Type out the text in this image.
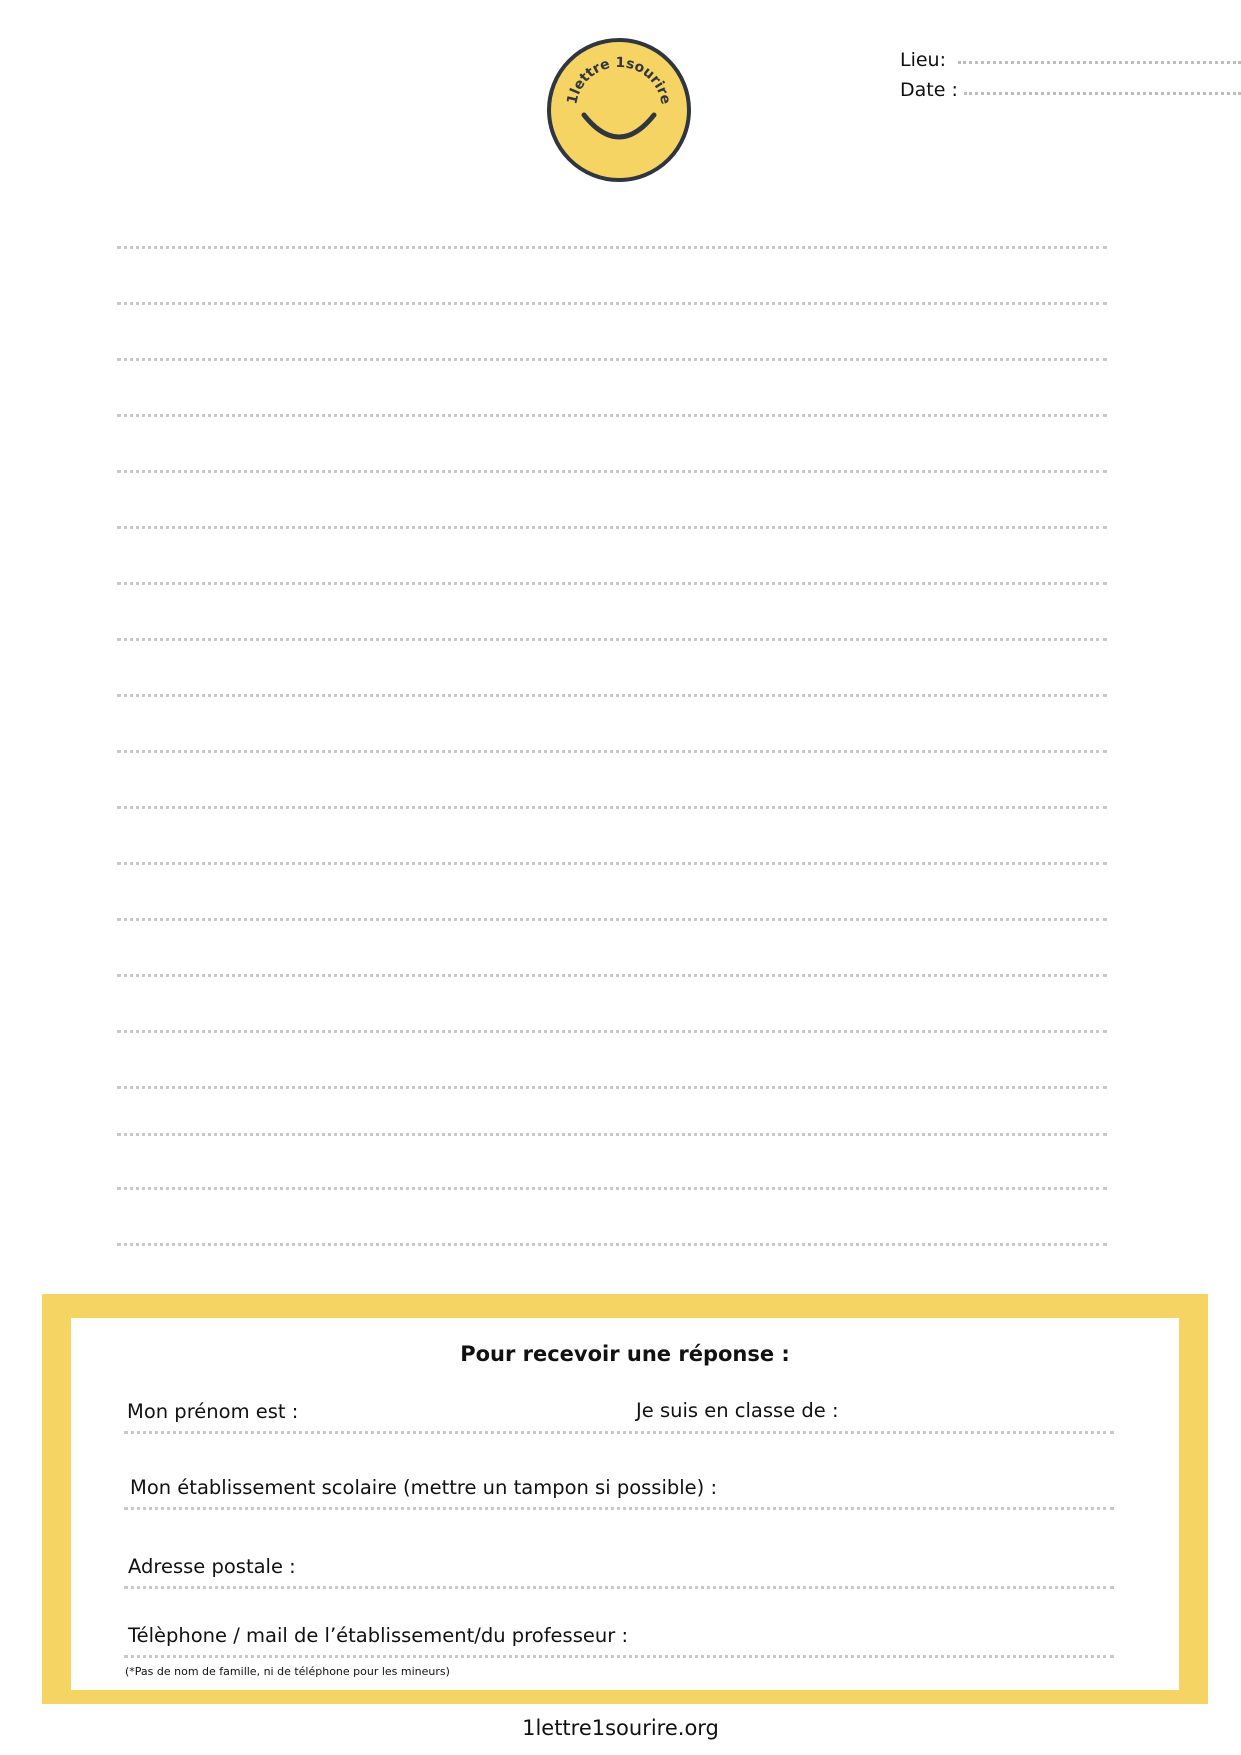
1lettre 1sourire
Lieu:
Date :
Pour recevoir une réponse :
Mon prénom est :	Je suis en classe de :
Mon établissement scolaire (mettre un tampon si possible) :
Adresse postale :
Télèphone / mail de l’établissement/du professeur :
(*Pas de nom de famille, ni de téléphone pour les mineurs)
1lettre1sourire.org
